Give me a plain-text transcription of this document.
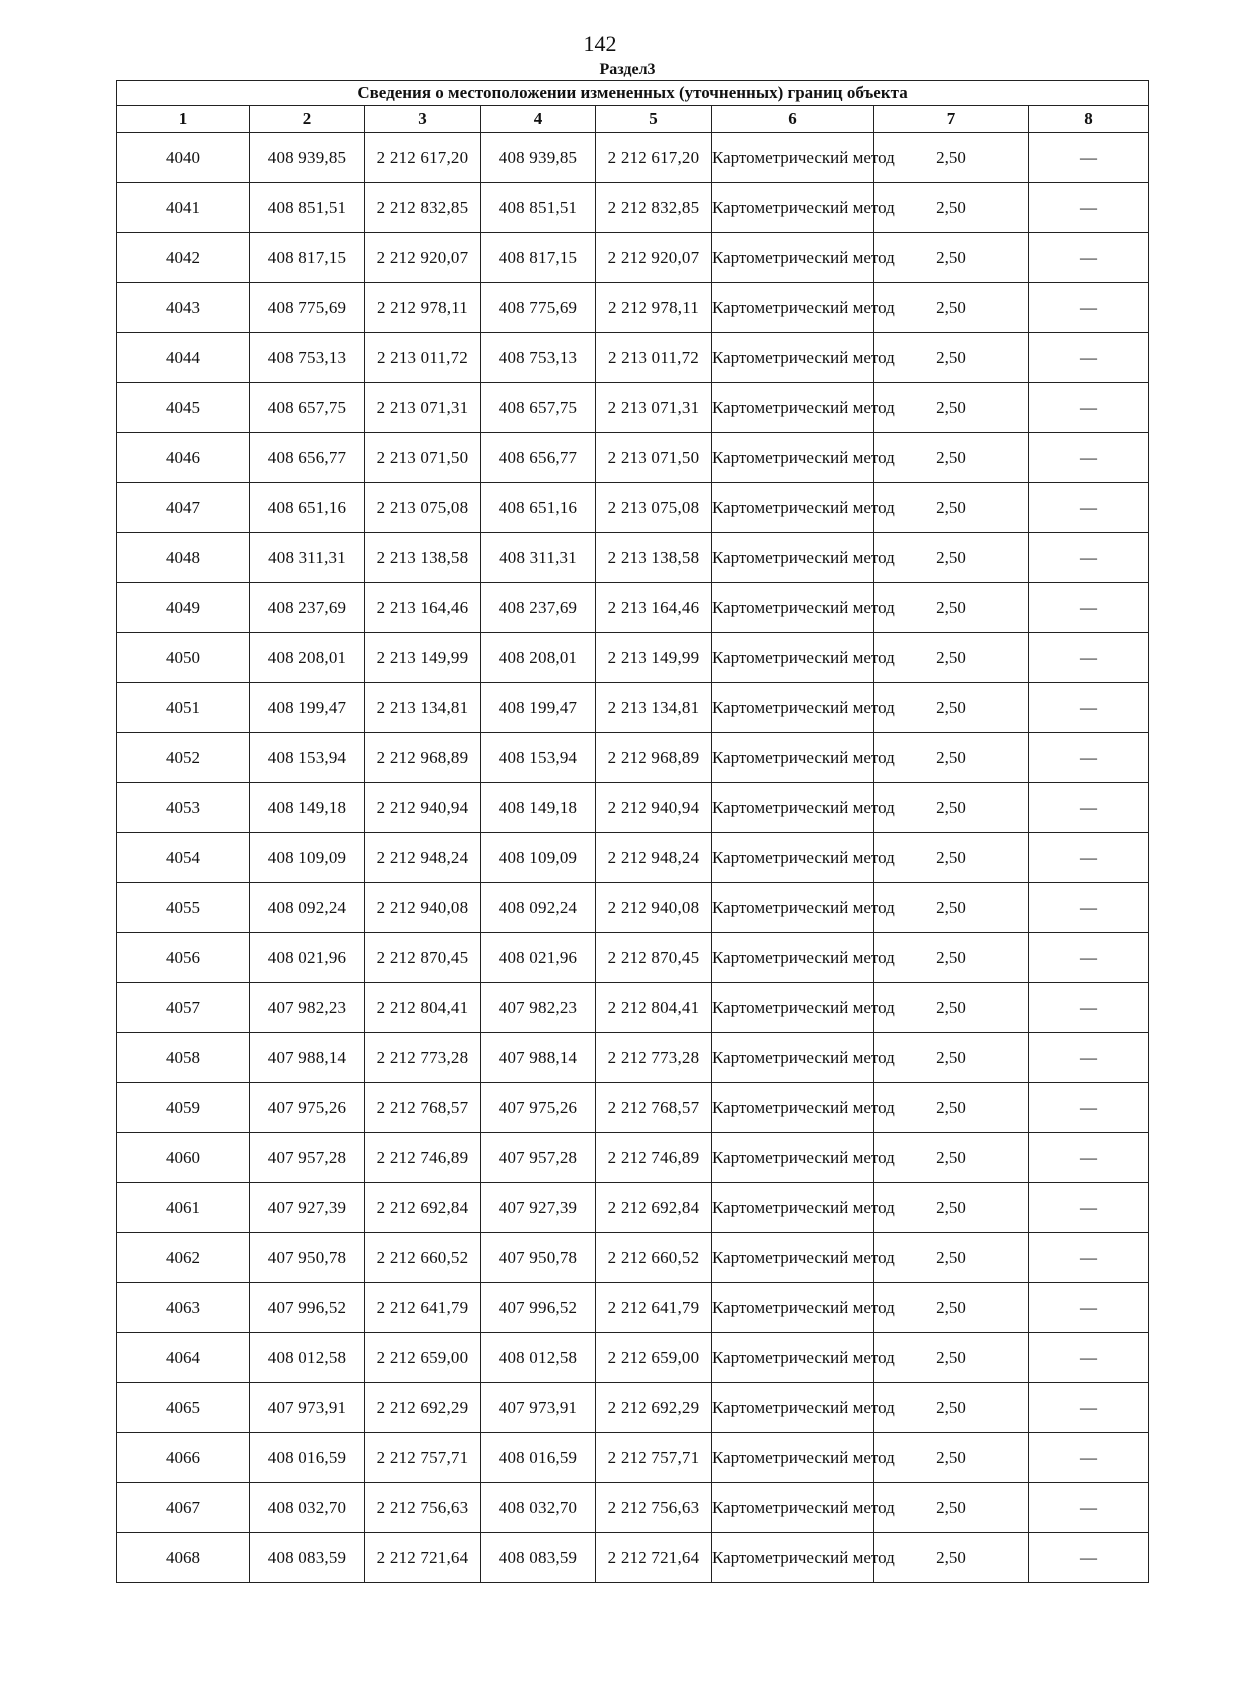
142
Раздел3
Сведения о местоположении измененных (уточненных) границ объекта							
1	2	3	4	5	6	7	8
4040	408 939,85	2 212 617,20	408 939,85	2 212 617,20	Картометрический метод	2,50	—
4041	408 851,51	2 212 832,85	408 851,51	2 212 832,85	Картометрический метод	2,50	—
4042	408 817,15	2 212 920,07	408 817,15	2 212 920,07	Картометрический метод	2,50	—
4043	408 775,69	2 212 978,11	408 775,69	2 212 978,11	Картометрический метод	2,50	—
4044	408 753,13	2 213 011,72	408 753,13	2 213 011,72	Картометрический метод	2,50	—
4045	408 657,75	2 213 071,31	408 657,75	2 213 071,31	Картометрический метод	2,50	—
4046	408 656,77	2 213 071,50	408 656,77	2 213 071,50	Картометрический метод	2,50	—
4047	408 651,16	2 213 075,08	408 651,16	2 213 075,08	Картометрический метод	2,50	—
4048	408 311,31	2 213 138,58	408 311,31	2 213 138,58	Картометрический метод	2,50	—
4049	408 237,69	2 213 164,46	408 237,69	2 213 164,46	Картометрический метод	2,50	—
4050	408 208,01	2 213 149,99	408 208,01	2 213 149,99	Картометрический метод	2,50	—
4051	408 199,47	2 213 134,81	408 199,47	2 213 134,81	Картометрический метод	2,50	—
4052	408 153,94	2 212 968,89	408 153,94	2 212 968,89	Картометрический метод	2,50	—
4053	408 149,18	2 212 940,94	408 149,18	2 212 940,94	Картометрический метод	2,50	—
4054	408 109,09	2 212 948,24	408 109,09	2 212 948,24	Картометрический метод	2,50	—
4055	408 092,24	2 212 940,08	408 092,24	2 212 940,08	Картометрический метод	2,50	—
4056	408 021,96	2 212 870,45	408 021,96	2 212 870,45	Картометрический метод	2,50	—
4057	407 982,23	2 212 804,41	407 982,23	2 212 804,41	Картометрический метод	2,50	—
4058	407 988,14	2 212 773,28	407 988,14	2 212 773,28	Картометрический метод	2,50	—
4059	407 975,26	2 212 768,57	407 975,26	2 212 768,57	Картометрический метод	2,50	—
4060	407 957,28	2 212 746,89	407 957,28	2 212 746,89	Картометрический метод	2,50	—
4061	407 927,39	2 212 692,84	407 927,39	2 212 692,84	Картометрический метод	2,50	—
4062	407 950,78	2 212 660,52	407 950,78	2 212 660,52	Картометрический метод	2,50	—
4063	407 996,52	2 212 641,79	407 996,52	2 212 641,79	Картометрический метод	2,50	—
4064	408 012,58	2 212 659,00	408 012,58	2 212 659,00	Картометрический метод	2,50	—
4065	407 973,91	2 212 692,29	407 973,91	2 212 692,29	Картометрический метод	2,50	—
4066	408 016,59	2 212 757,71	408 016,59	2 212 757,71	Картометрический метод	2,50	—
4067	408 032,70	2 212 756,63	408 032,70	2 212 756,63	Картометрический метод	2,50	—
4068	408 083,59	2 212 721,64	408 083,59	2 212 721,64	Картометрический метод	2,50	—
